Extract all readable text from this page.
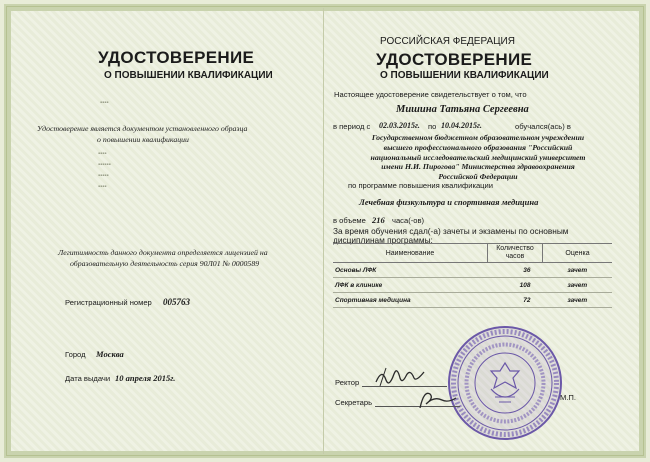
УДОСТОВЕРЕНИЕ
О ПОВЫШЕНИИ КВАЛИФИКАЦИИ
▪▪▪▪
Удостоверение является документом установленного образца
о повышении квалификации
▪▪▪▪
▪▪▪▪▪▪
▪▪▪▪▪
▪▪▪▪
Легитимность данного документа определяется лицензией на
образовательную деятельность серия 90Л01 № 0000589
Регистрационный номер 005763
Город Москва
Дата выдачи 10 апреля 2015г.
РОССИЙСКАЯ ФЕДЕРАЦИЯ
УДОСТОВЕРЕНИЕ
О ПОВЫШЕНИИ КВАЛИФИКАЦИИ
Настоящее удостоверение свидетельствует о том, что
Мишина Татьяна Сергеевна
в период с 02.03.2015г. по 10.04.2015г.	обучался(ась) в
Государственном бюджетном образовательном учреждении
высшего профессионального образования "Российский
национальный исследовательский медицинский университет
имени Н.И. Пирогова" Министерства здравоохранения
Российской Федерации
по программе повышения квалификации
Лечебная физкультура и спортивная медицина
в объеме 216 часа(-ов)
За время обучения сдал(-а) зачеты и экзамены по основным
дисциплинам программы:
Наименование	Количество часов	Оценка
Основы ЛФК	36	зачет
ЛФК в клинике	108	зачет
Спортивная медицина	72	зачет
Ректор
Секретарь
М.П.
